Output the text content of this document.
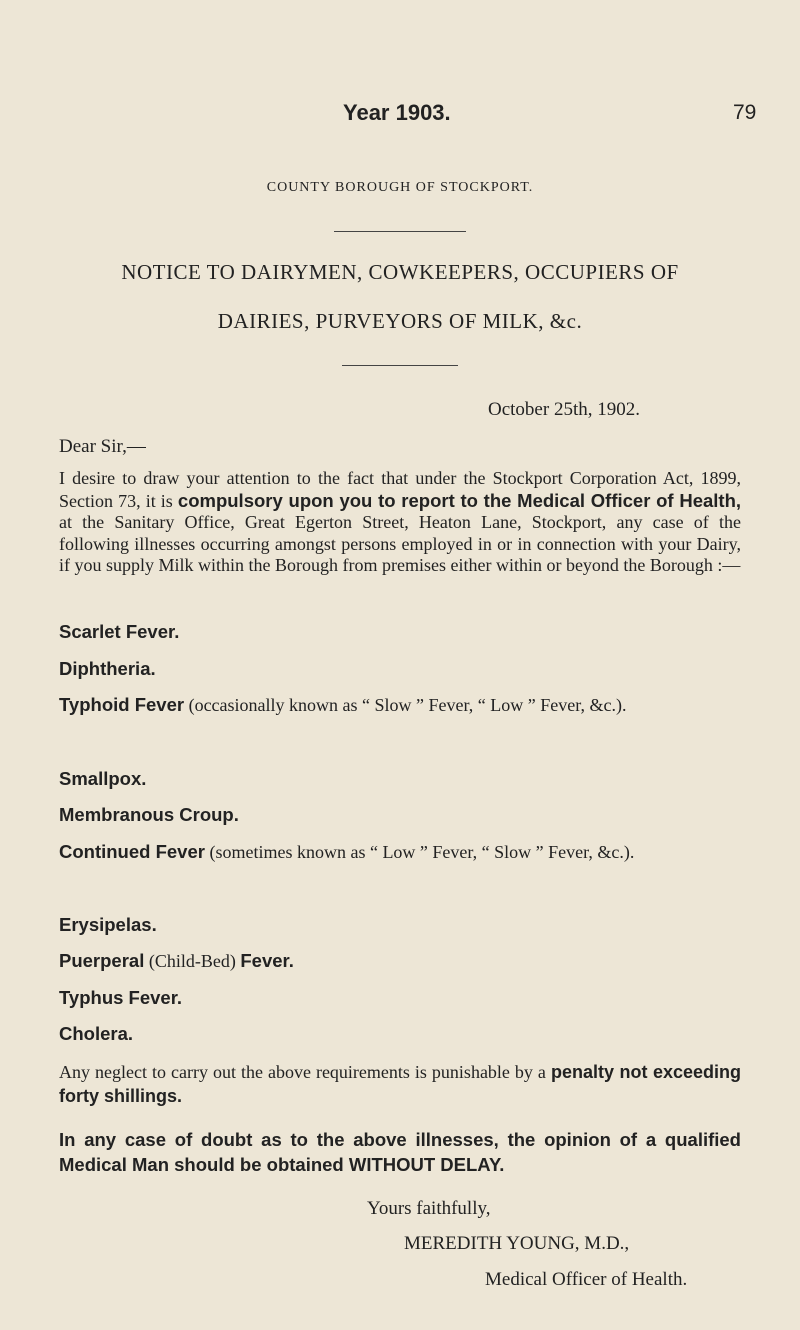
Year 1903.	79
COUNTY BOROUGH OF STOCKPORT.
NOTICE TO DAIRYMEN, COWKEEPERS, OCCUPIERS OF
DAIRIES, PURVEYORS OF MILK, &c.
October 25th, 1902.
Dear Sir,—
I desire to draw your attention to the fact that under the Stockport Corporation Act, 1899, Section 73, it is compulsory upon you to report to the Medical Officer of Health, at the Sanitary Office, Great Egerton Street, Heaton Lane, Stockport, any case of the following illnesses occurring amongst persons employed in or in connection with your Dairy, if you supply Milk within the Borough from premises either within or beyond the Borough :—
Scarlet Fever.
Diphtheria.
Typhoid Fever (occasionally known as “ Slow ” Fever, “ Low ” Fever, &c.).
Smallpox.
Membranous Croup.
Continued Fever (sometimes known as “ Low ” Fever, “ Slow ” Fever, &c.).
Erysipelas.
Puerperal (Child-Bed) Fever.
Typhus Fever.
Cholera.
Any neglect to carry out the above requirements is punishable by a penalty not exceeding forty shillings.
In any case of doubt as to the above illnesses, the opinion of a qualified Medical Man should be obtained WITHOUT DELAY.
Yours faithfully,
MEREDITH YOUNG, M.D.,
Medical Officer of Health.
